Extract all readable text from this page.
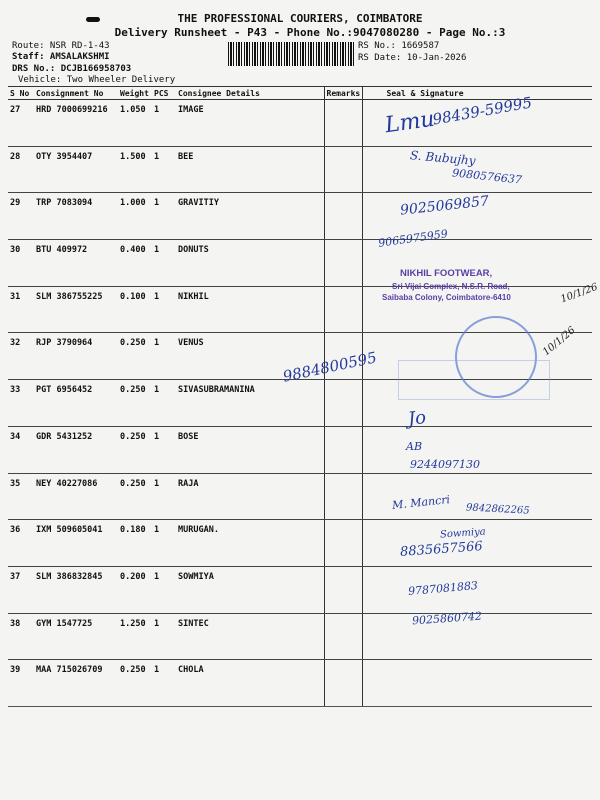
THE PROFESSIONAL COURIERS, COIMBATORE
Delivery Runsheet - P43 - Phone No.:9047080280 - Page No.:3
Route: NSR RD-1-43
Staff: AMSALAKSHMI
DRS No.: DCJB166958703
Vehicle: Two Wheeler Delivery
RS No.: 1669587
RS Date: 10-Jan-2026
S No	Consignment No	Weight	PCS	Consignee Details	Remarks	Seal & Signature
27	HRD 7000699216	1.050	1	IMAGE		
28	OTY 3954407	1.500	1	BEE		
29	TRP 7083094	1.000	1	GRAVITIY		
30	BTU 409972	0.400	1	DONUTS		
31	SLM 386755225	0.100	1	NIKHIL		
32	RJP 3790964	0.250	1	VENUS		
33	PGT 6956452	0.250	1	SIVASUBRAMANINA		
34	GDR 5431252	0.250	1	BOSE		
35	NEY 40227086	0.250	1	RAJA		
36	IXM 509605041	0.180	1	MURUGAN.		
37	SLM 386832845	0.200	1	SOWMIYA		
38	GYM 1547725	1.250	1	SINTEC		
39	MAA 715026709	0.250	1	CHOLA		
Lmu
98439-59995
S. Bubujhy
9080576637
9025069857
9065975959
NIKHIL FOOTWEAR,
Sri Vijai Complex, N.S.R. Road,
Saibaba Colony, Coimbatore-6410	10/1/26
10/1/26
9884800595
Jo
AB
9244097130
M. Mancri 9842862265
Sowmiya
8835657566
9787081883
9025860742
